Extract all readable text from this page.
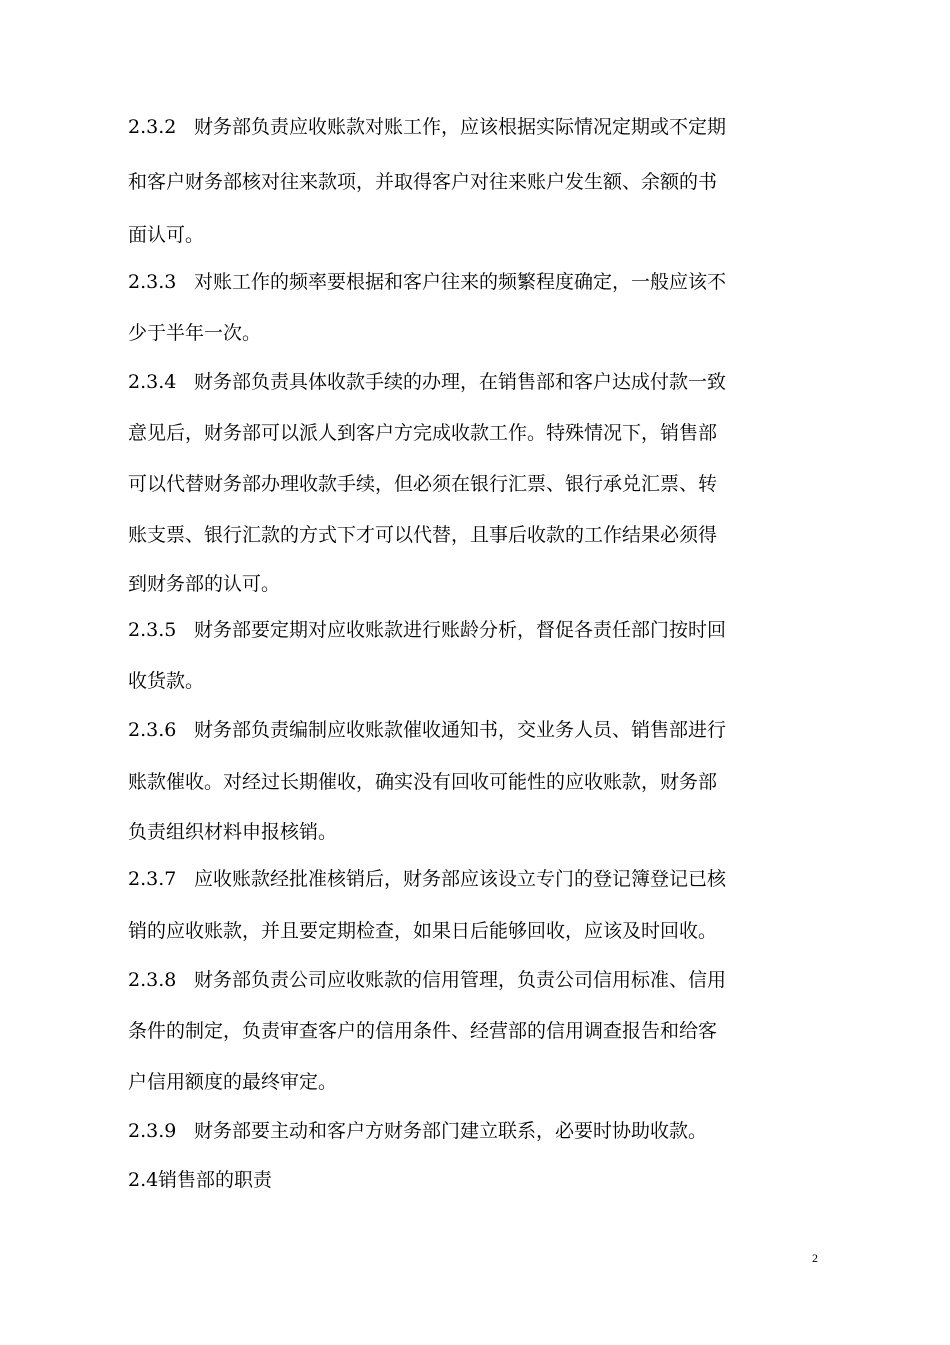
2.3.2 财务部负责应收账款对账工作，应该根据实际情况定期或不定期
和客户财务部核对往来款项，并取得客户对往来账户发生额、余额的书
面认可。
2.3.3 对账工作的频率要根据和客户往来的频繁程度确定，一般应该不
少于半年一次。
2.3.4 财务部负责具体收款手续的办理，在销售部和客户达成付款一致
意见后，财务部可以派人到客户方完成收款工作。特殊情况下，销售部
可以代替财务部办理收款手续，但必须在银行汇票、银行承兑汇票、转
账支票、银行汇款的方式下才可以代替，且事后收款的工作结果必须得
到财务部的认可。
2.3.5 财务部要定期对应收账款进行账龄分析，督促各责任部门按时回
收货款。
2.3.6 财务部负责编制应收账款催收通知书，交业务人员、销售部进行
账款催收。对经过长期催收，确实没有回收可能性的应收账款，财务部
负责组织材料申报核销。
2.3.7 应收账款经批准核销后，财务部应该设立专门的登记簿登记已核
销的应收账款，并且要定期检查，如果日后能够回收，应该及时回收。
2.3.8 财务部负责公司应收账款的信用管理，负责公司信用标准、信用
条件的制定，负责审查客户的信用条件、经营部的信用调查报告和给客
户信用额度的最终审定。
2.3.9 财务部要主动和客户方财务部门建立联系，必要时协助收款。
2.4销售部的职责
2
